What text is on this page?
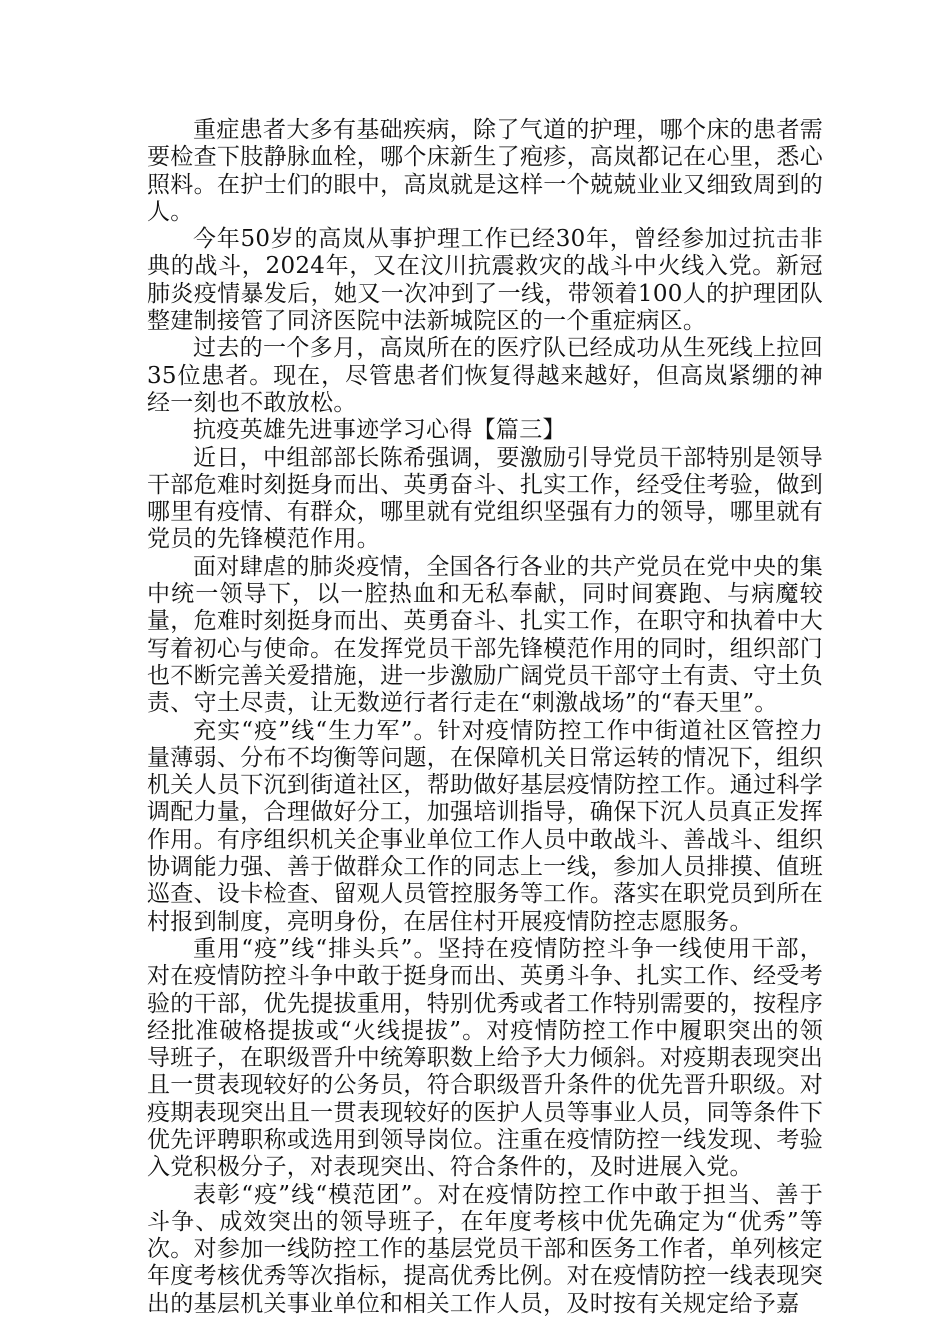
重症患者大多有基础疾病，除了气道的护理，哪个床的患者需要检查下肢静脉血栓，哪个床新生了疱疹，高岚都记在心里，悉心照料。在护士们的眼中，高岚就是这样一个兢兢业业又细致周到的人。

今年50岁的高岚从事护理工作已经30年，曾经参加过抗击非典的战斗，2024年，又在汶川抗震救灾的战斗中火线入党。新冠肺炎疫情暴发后，她又一次冲到了一线，带领着100人的护理团队整建制接管了同济医院中法新城院区的一个重症病区。

过去的一个多月，高岚所在的医疗队已经成功从生死线上拉回35位患者。现在，尽管患者们恢复得越来越好，但高岚紧绷的神经一刻也不敢放松。

抗疫英雄先进事迹学习心得【篇三】

近日，中组部部长陈希强调，要激励引导党员干部特别是领导干部危难时刻挺身而出、英勇奋斗、扎实工作，经受住考验，做到哪里有疫情、有群众，哪里就有党组织坚强有力的领导，哪里就有党员的先锋模范作用。

面对肆虐的肺炎疫情，全国各行各业的共产党员在党中央的集中统一领导下，以一腔热血和无私奉献，同时间赛跑、与病魔较量，危难时刻挺身而出、英勇奋斗、扎实工作，在职守和执着中大写着初心与使命。在发挥党员干部先锋模范作用的同时，组织部门也不断完善关爱措施，进一步激励广阔党员干部守土有责、守土负责、守土尽责，让无数逆行者行走在“刺激战场”的“春天里”。

充实“疫”线“生力军”。针对疫情防控工作中街道社区管控力量薄弱、分布不均衡等问题，在保障机关日常运转的情况下，组织机关人员下沉到街道社区，帮助做好基层疫情防控工作。通过科学调配力量，合理做好分工，加强培训指导，确保下沉人员真正发挥作用。有序组织机关企事业单位工作人员中敢战斗、善战斗、组织协调能力强、善于做群众工作的同志上一线，参加人员排摸、值班巡查、设卡检查、留观人员管控服务等工作。落实在职党员到所在村报到制度，亮明身份，在居住村开展疫情防控志愿服务。

重用“疫”线“排头兵”。坚持在疫情防控斗争一线使用干部，对在疫情防控斗争中敢于挺身而出、英勇斗争、扎实工作、经受考验的干部，优先提拔重用，特别优秀或者工作特别需要的，按程序经批准破格提拔或“火线提拔”。对疫情防控工作中履职突出的领导班子，在职级晋升中统筹职数上给予大力倾斜。对疫期表现突出且一贯表现较好的公务员，符合职级晋升条件的优先晋升职级。对疫期表现突出且一贯表现较好的医护人员等事业人员，同等条件下优先评聘职称或选用到领导岗位。注重在疫情防控一线发现、考验入党积极分子，对表现突出、符合条件的，及时进展入党。

表彰“疫”线“模范团”。对在疫情防控工作中敢于担当、善于斗争、成效突出的领导班子，在年度考核中优先确定为“优秀”等次。对参加一线防控工作的基层党员干部和医务工作者，单列核定年度考核优秀等次指标，提高优秀比例。对在疫情防控一线表现突出的基层机关事业单位和相关工作人员，及时按有关规定给予嘉
